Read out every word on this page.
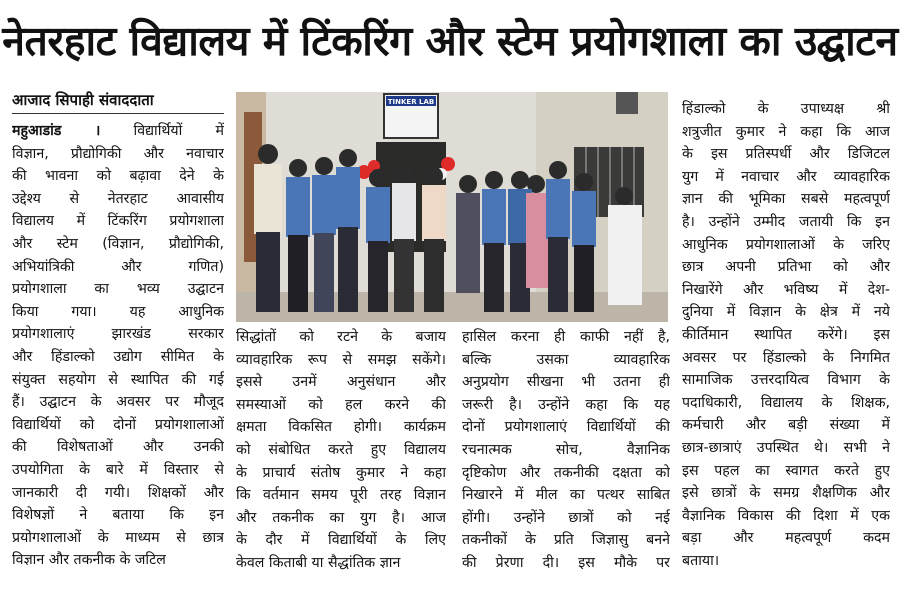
नेतरहाट विद्यालय में टिंकरिंग और स्टेम प्रयोगशाला का उद्घाटन
आजाद सिपाही संवाददाता
महुआडांड । विद्यार्थियों में
विज्ञान, प्रौद्योगिकी और नवाचार
की भावना को बढ़ावा देने के
उद्देश्य से नेतरहाट आवासीय
विद्यालय में टिंकरिंग प्रयोगशाला
और स्टेम (विज्ञान, प्रौद्योगिकी,
अभियांत्रिकी और गणित)
प्रयोगशाला का भव्य उद्घाटन
किया गया। यह आधुनिक
प्रयोगशालाएं झारखंड सरकार
और हिंडाल्को उद्योग सीमित के
संयुक्त सहयोग से स्थापित की गई
हैं। उद्घाटन के अवसर पर मौजूद
विद्यार्थियों को दोनों प्रयोगशालाओं
की विशेषताओं और उनकी
उपयोगिता के बारे में विस्तार से
जानकारी दी गयी। शिक्षकों और
विशेषज्ञों ने बताया कि इन
प्रयोगशालाओं के माध्यम से छात्र
विज्ञान और तकनीक के जटिल
TINKER LAB
सिद्धांतों को रटने के बजाय
व्यावहारिक रूप से समझ सकेंगे।
इससे उनमें अनुसंधान और
समस्याओं को हल करने की
क्षमता विकसित होगी। कार्यक्रम
को संबोधित करते हुए विद्यालय
के प्राचार्य संतोष कुमार ने कहा
कि वर्तमान समय पूरी तरह विज्ञान
और तकनीक का युग है। आज
के दौर में विद्यार्थियों के लिए
केवल किताबी या सैद्धांतिक ज्ञान
हासिल करना ही काफी नहीं है,
बल्कि उसका व्यावहारिक
अनुप्रयोग सीखना भी उतना ही
जरूरी है। उन्होंने कहा कि यह
दोनों प्रयोगशालाएं विद्यार्थियों की
रचनात्मक सोच, वैज्ञानिक
दृष्टिकोण और तकनीकी दक्षता को
निखारने में मील का पत्थर साबित
होंगी। उन्होंने छात्रों को नई
तकनीकों के प्रति जिज्ञासु बनने
की प्रेरणा दी। इस मौके पर
हिंडाल्को के उपाध्यक्ष श्री
शत्रुजीत कुमार ने कहा कि आज
के इस प्रतिस्पर्धी और डिजिटल
युग में नवाचार और व्यावहारिक
ज्ञान की भूमिका सबसे महत्वपूर्ण
है। उन्होंने उम्मीद जतायी कि इन
आधुनिक प्रयोगशालाओं के जरिए
छात्र अपनी प्रतिभा को और
निखारेंगे और भविष्य में देश-
दुनिया में विज्ञान के क्षेत्र में नये
कीर्तिमान स्थापित करेंगे। इस
अवसर पर हिंडाल्को के निगमित
सामाजिक उत्तरदायित्व विभाग के
पदाधिकारी, विद्यालय के शिक्षक,
कर्मचारी और बड़ी संख्या में
छात्र-छात्राएं उपस्थित थे। सभी ने
इस पहल का स्वागत करते हुए
इसे छात्रों के समग्र शैक्षणिक और
वैज्ञानिक विकास की दिशा में एक
बड़ा और महत्वपूर्ण कदम
बताया।
